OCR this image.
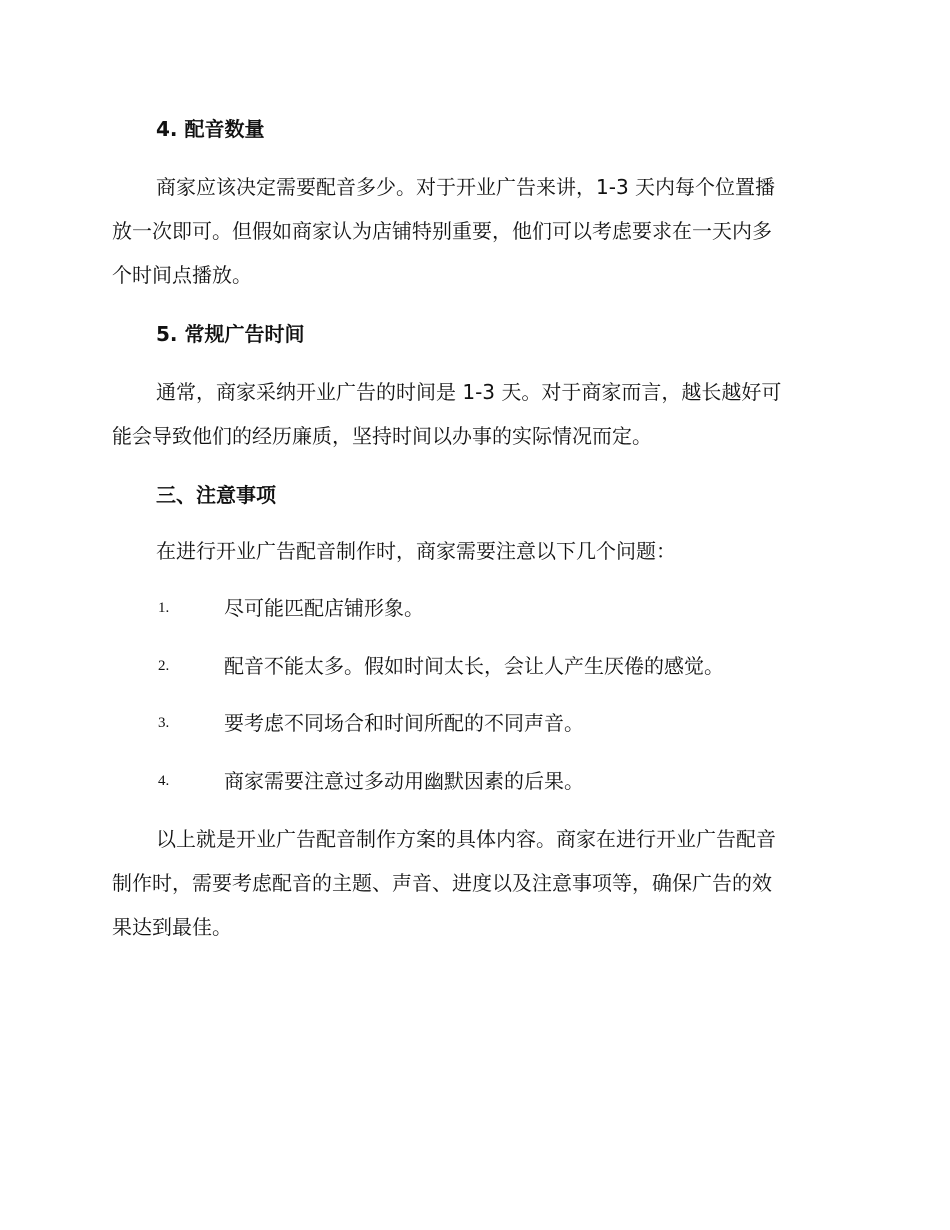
4. 配音数量
商家应该决定需要配音多少。对于开业广告来讲，1-3 天内每个位置播
放一次即可。但假如商家认为店铺特别重要，他们可以考虑要求在一天内多
个时间点播放。
5. 常规广告时间
通常，商家采纳开业广告的时间是 1-3 天。对于商家而言，越长越好可
能会导致他们的经历廉质，坚持时间以办事的实际情况而定。
三、注意事项
在进行开业广告配音制作时，商家需要注意以下几个问题：
1.	尽可能匹配店铺形象。
2.	配音不能太多。假如时间太长，会让人产生厌倦的感觉。
3.	要考虑不同场合和时间所配的不同声音。
4.	商家需要注意过多动用幽默因素的后果。
以上就是开业广告配音制作方案的具体内容。商家在进行开业广告配音
制作时，需要考虑配音的主题、声音、进度以及注意事项等，确保广告的效
果达到最佳。
